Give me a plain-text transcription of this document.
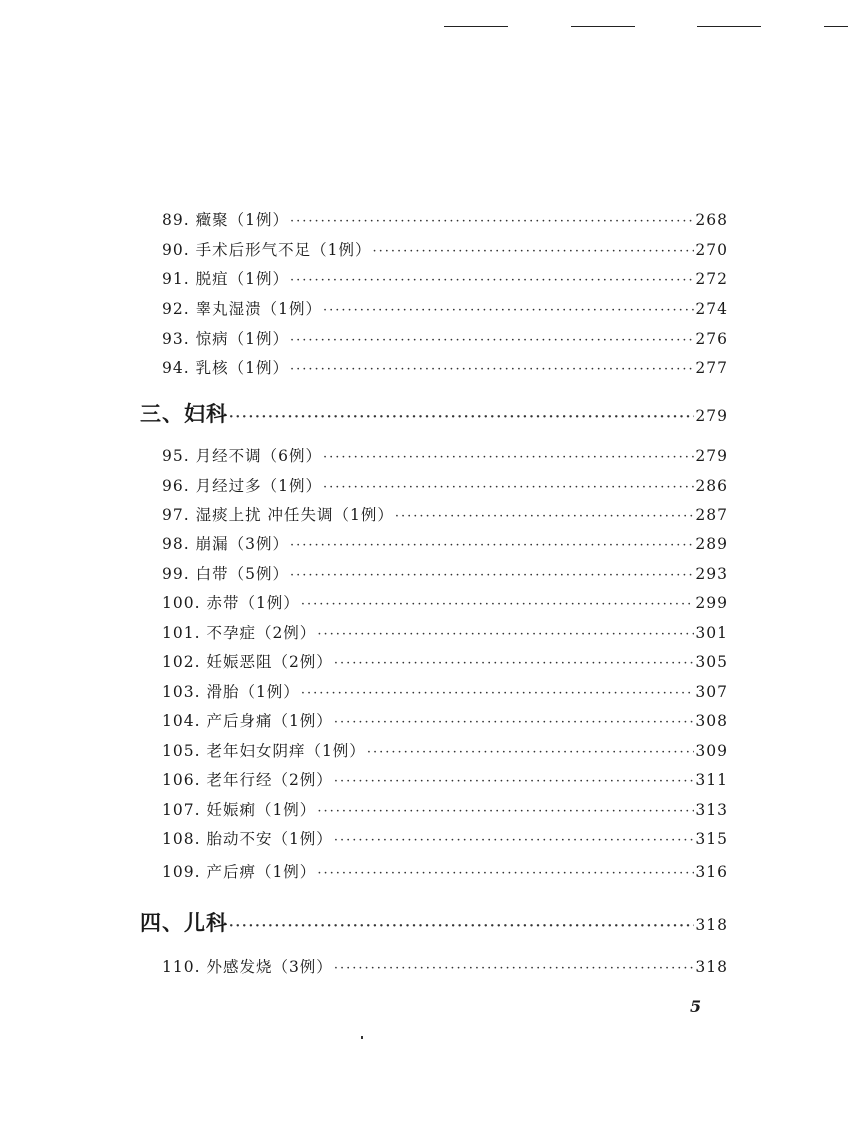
89. 癥聚（1例） ·····	268
90. 手术后形气不足（1例） ·····	270
91. 脱疽（1例） ·····	272
92. 睾丸湿溃（1例） ·····	274
93. 惊病（1例） ·····	276
94. 乳核（1例） ·····	277
三、妇科 ·····	279
95. 月经不调（6例） ·····	279
96. 月经过多（1例） ·····	286
97. 湿痰上扰 冲任失调（1例） ·····	287
98. 崩漏（3例） ·····	289
99. 白带（5例） ·····	293
100. 赤带（1例） ·····	299
101. 不孕症（2例） ·····	301
102. 妊娠恶阻（2例） ·····	305
103. 滑胎（1例） ·····	307
104. 产后身痛（1例） ·····	308
105. 老年妇女阴痒（1例） ·····	309
106. 老年行经（2例） ·····	311
107. 妊娠痢（1例） ·····	313
108. 胎动不安（1例） ·····	315
109. 产后痹（1例） ·····	316
四、儿科 ·····	318
110. 外感发烧（3例） ·····	318
5
